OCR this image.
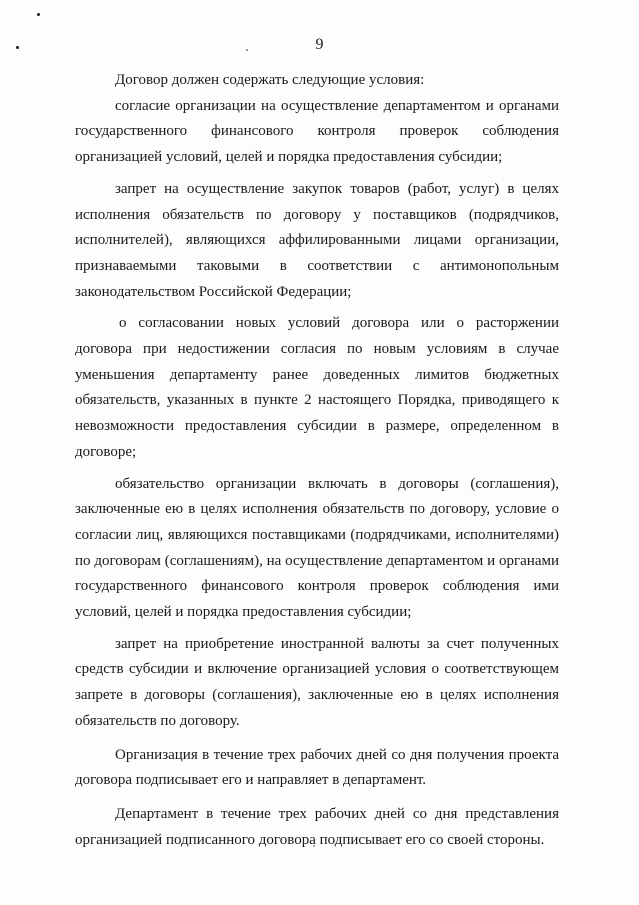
9

Договор должен содержать следующие условия:

согласие организации на осуществление департаментом и органами государственного финансового контроля проверок соблюдения организацией условий, целей и порядка предоставления субсидии;

запрет на осуществление закупок товаров (работ, услуг) в целях исполнения обязательств по договору у поставщиков (подрядчиков, исполнителей), являющихся аффилированными лицами организации, признаваемыми таковыми в соответствии с антимонопольным законодательством Российской Федерации;

о согласовании новых условий договора или о расторжении договора при недостижении согласия по новым условиям в случае уменьшения департаменту ранее доведенных лимитов бюджетных обязательств, указанных в пункте 2 настоящего Порядка, приводящего к невозможности предоставления субсидии в размере, определенном в договоре;

обязательство организации включать в договоры (соглашения), заключенные ею в целях исполнения обязательств по договору, условие о согласии лиц, являющихся поставщиками (подрядчиками, исполнителями) по договорам (соглашениям), на осуществление департаментом и органами государственного финансового контроля проверок соблюдения ими условий, целей и порядка предоставления субсидии;

запрет на приобретение иностранной валюты за счет полученных средств субсидии и включение организацией условия о соответствующем запрете в договоры (соглашения), заключенные ею в целях исполнения обязательств по договору.

Организация в течение трех рабочих дней со дня получения проекта договора подписывает его и направляет в департамент.

Департамент в течение трех рабочих дней со дня представления организацией подписанного договора подписывает его со своей стороны.
